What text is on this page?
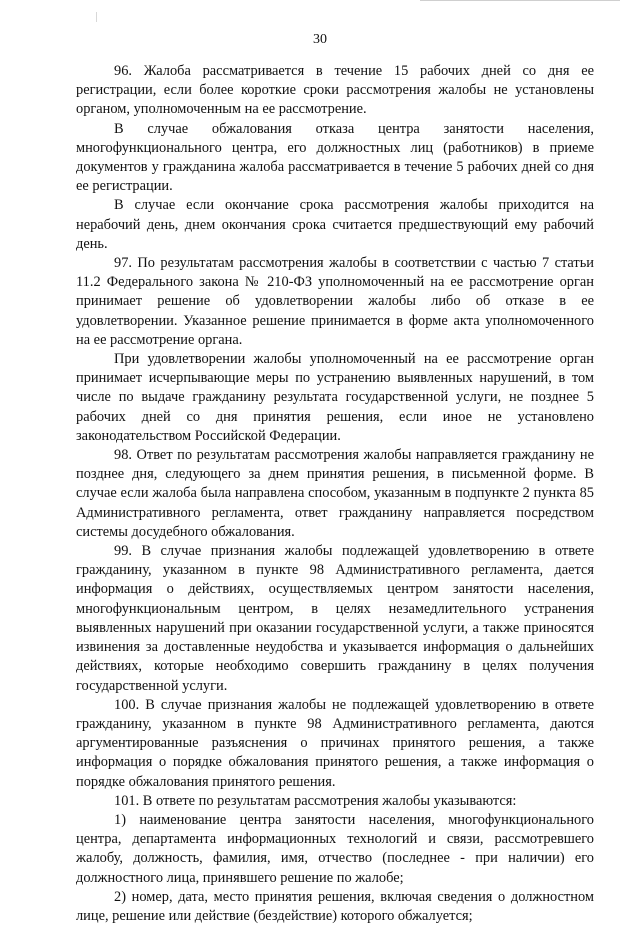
30

96. Жалоба рассматривается в течение 15 рабочих дней со дня ее регистрации, если более короткие сроки рассмотрения жалобы не установлены органом, уполномоченным на ее рассмотрение.

В случае обжалования отказа центра занятости населения, многофункционального центра, его должностных лиц (работников) в приеме документов у гражданина жалоба рассматривается в течение 5 рабочих дней со дня ее регистрации.

В случае если окончание срока рассмотрения жалобы приходится на нерабочий день, днем окончания срока считается предшествующий ему рабочий день.

97. По результатам рассмотрения жалобы в соответствии с частью 7 статьи 11.2 Федерального закона № 210-ФЗ уполномоченный на ее рассмотрение орган принимает решение об удовлетворении жалобы либо об отказе в ее удовлетворении. Указанное решение принимается в форме акта уполномоченного на ее рассмотрение органа.

При удовлетворении жалобы уполномоченный на ее рассмотрение орган принимает исчерпывающие меры по устранению выявленных нарушений, в том числе по выдаче гражданину результата государственной услуги, не позднее 5 рабочих дней со дня принятия решения, если иное не установлено законодательством Российской Федерации.

98. Ответ по результатам рассмотрения жалобы направляется гражданину не позднее дня, следующего за днем принятия решения, в письменной форме. В случае если жалоба была направлена способом, указанным в подпункте 2 пункта 85 Административного регламента, ответ гражданину направляется посредством системы досудебного обжалования.

99. В случае признания жалобы подлежащей удовлетворению в ответе гражданину, указанном в пункте 98 Административного регламента, дается информация о действиях, осуществляемых центром занятости населения, многофункциональным центром, в целях незамедлительного устранения выявленных нарушений при оказании государственной услуги, а также приносятся извинения за доставленные неудобства и указывается информация о дальнейших действиях, которые необходимо совершить гражданину в целях получения государственной услуги.

100. В случае признания жалобы не подлежащей удовлетворению в ответе гражданину, указанном в пункте 98 Административного регламента, даются аргументированные разъяснения о причинах принятого решения, а также информация о порядке обжалования принятого решения, а также информация о порядке обжалования принятого решения.

101. В ответе по результатам рассмотрения жалобы указываются:

1) наименование центра занятости населения, многофункционального центра, департамента информационных технологий и связи, рассмотревшего жалобу, должность, фамилия, имя, отчество (последнее - при наличии) его должностного лица, принявшего решение по жалобе;

2) номер, дата, место принятия решения, включая сведения о должностном лице, решение или действие (бездействие) которого обжалуется;
